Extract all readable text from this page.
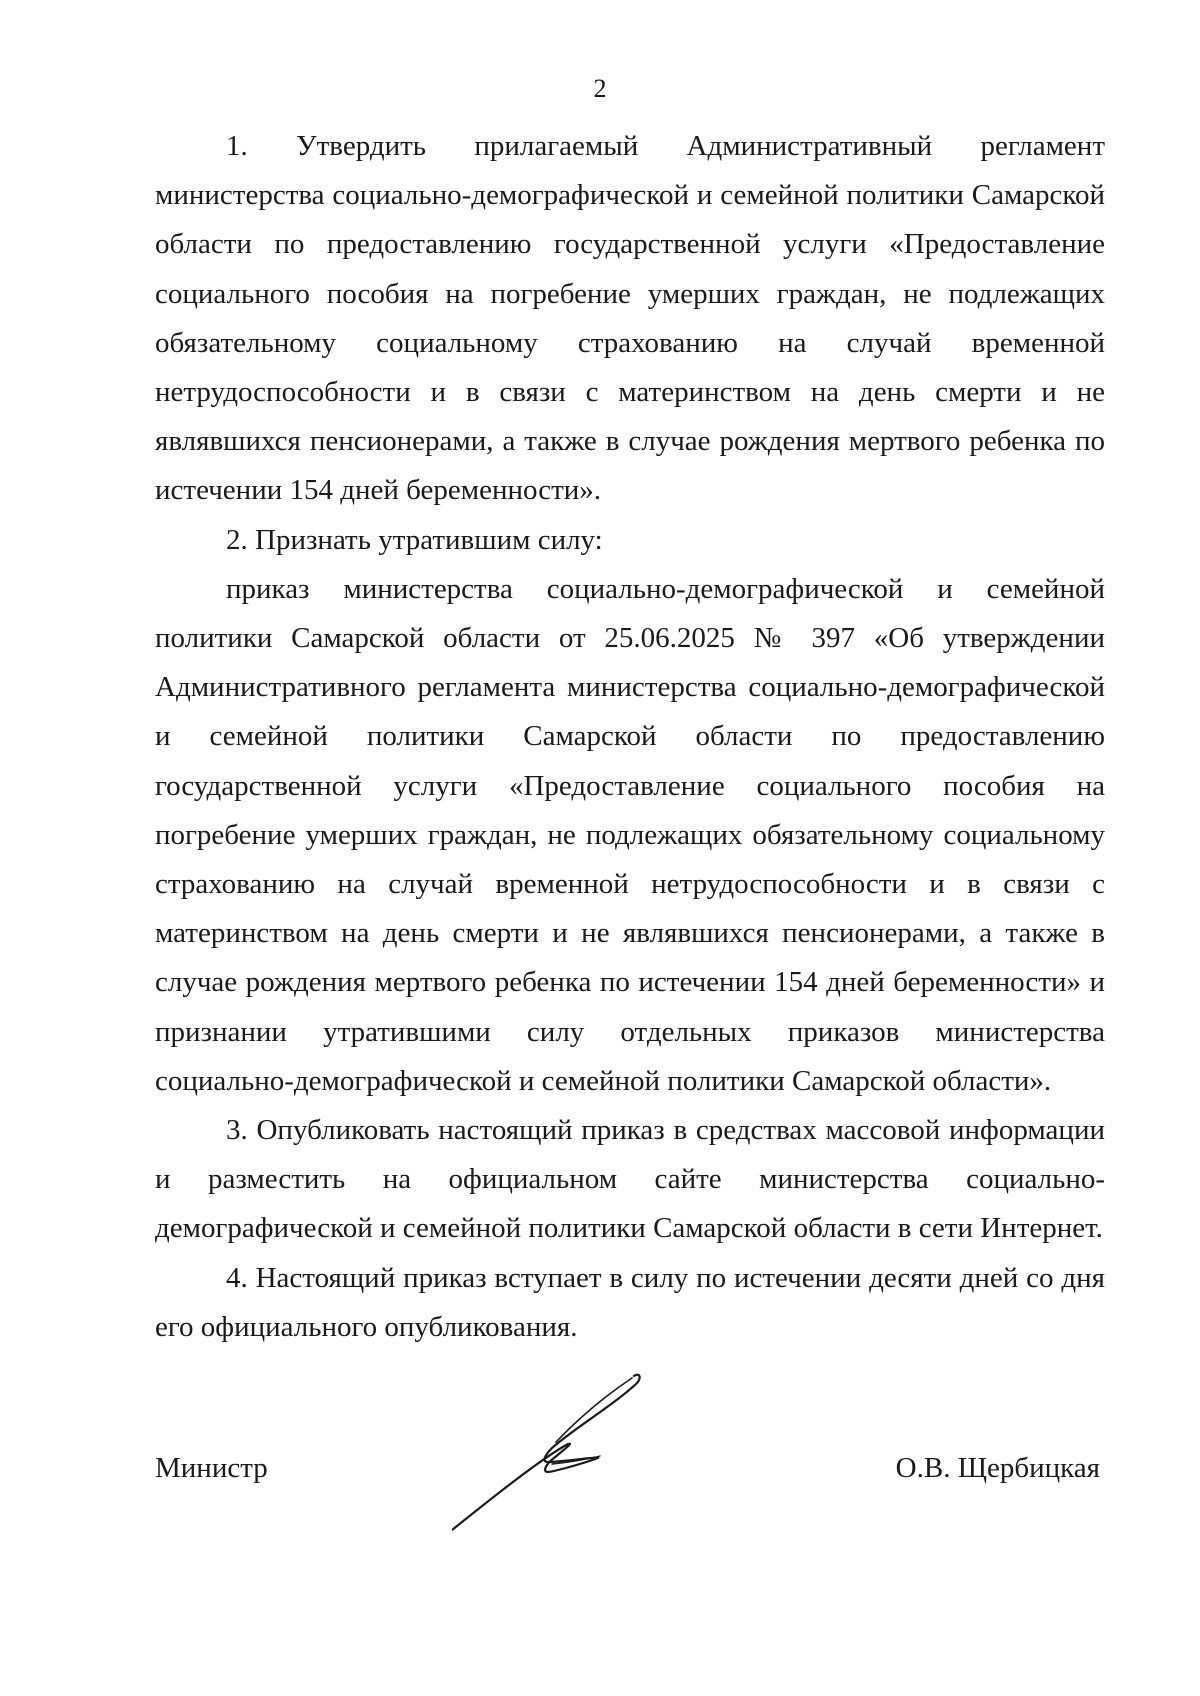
2

1. Утвердить прилагаемый Административный регламент министерства социально-демографической и семейной политики Самарской области по предоставлению государственной услуги «Предоставление социального пособия на погребение умерших граждан, не подлежащих обязательному социальному страхованию на случай временной нетрудоспособности и в связи с материнством на день смерти и не являвшихся пенсионерами, а также в случае рождения мертвого ребенка по истечении 154 дней беременности».

2. Признать утратившим силу:

приказ министерства социально-демографической и семейной политики Самарской области от 25.06.2025 № 397 «Об утверждении Административного регламента министерства социально-демографической и семейной политики Самарской области по предоставлению государственной услуги «Предоставление социального пособия на погребение умерших граждан, не подлежащих обязательному социальному страхованию на случай временной нетрудоспособности и в связи с материнством на день смерти и не являвшихся пенсионерами, а также в случае рождения мертвого ребенка по истечении 154 дней беременности» и признании утратившими силу отдельных приказов министерства социально-демографической и семейной политики Самарской области».

3. Опубликовать настоящий приказ в средствах массовой информации и разместить на официальном сайте министерства социально-демографической и семейной политики Самарской области в сети Интернет.

4. Настоящий приказ вступает в силу по истечении десяти дней со дня его официального опубликования.

Министр	О.В. Щербицкая
